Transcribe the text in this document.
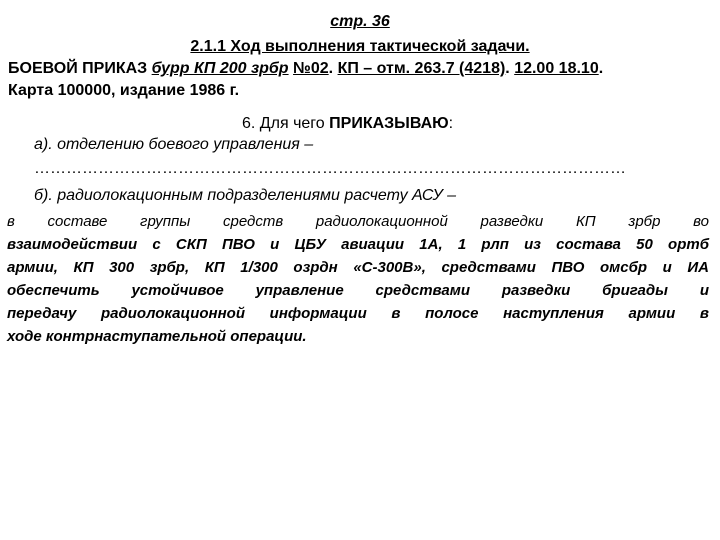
стр. 36
2.1.1 Ход выполнения тактической задачи.
БОЕВОЙ ПРИКАЗ бурр КП 200 зрбр №02. КП – отм. 263.7 (4218). 12.00 18.10.
Карта 100000, издание 1986 г.
6. Для чего ПРИКАЗЫВАЮ:
а). отделению боевого управления –
…………………………………………………………………………………………………
б). радиолокационным подразделениями расчету АСУ –
в составе группы средств радиолокационной разведки КП зрбр во
взаимодействии с СКП ПВО и ЦБУ авиации 1А, 1 рлп из состава 50 ортб
армии, КП 300 зрбр, КП 1/300 озрдн «С-300В», средствами ПВО омсбр и ИА
обеспечить устойчивое управление средствами разведки бригады и
передачу радиолокационной информации в полосе наступления армии в
ходе контрнаступательной операции.
